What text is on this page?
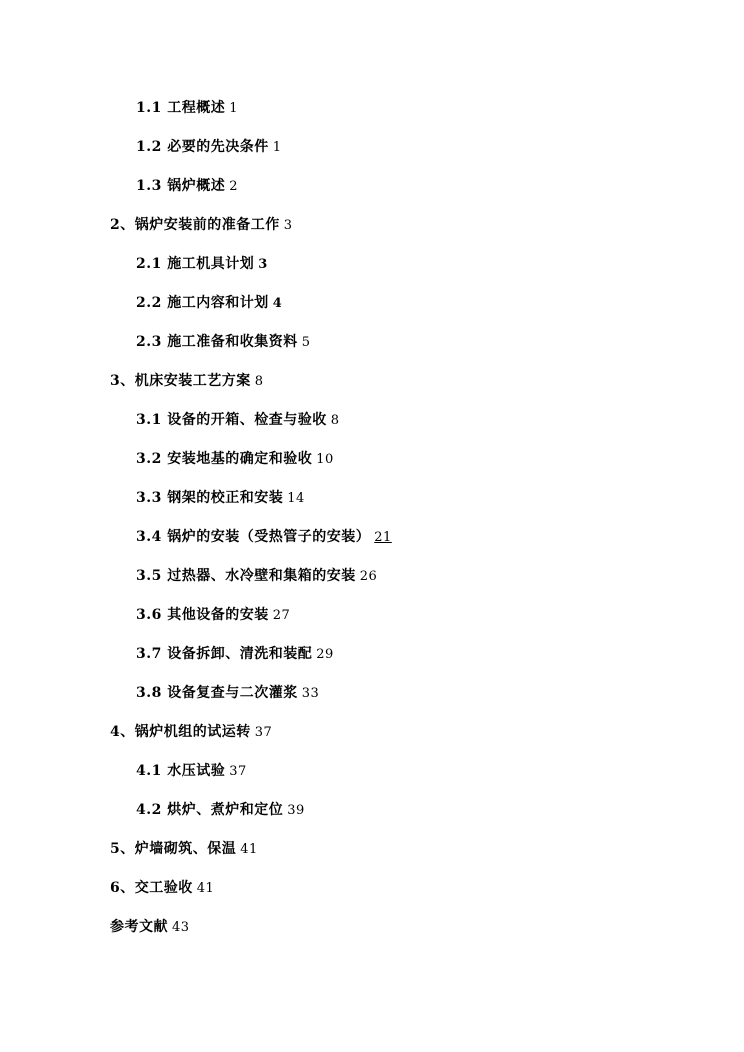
1.1 工程概述 1
1.2 必要的先决条件 1
1.3 锅炉概述 2
2、锅炉安装前的准备工作 3
2.1 施工机具计划 3
2.2 施工内容和计划 4
2.3 施工准备和收集资料 5
3、机床安装工艺方案 8
3.1 设备的开箱、检查与验收 8
3.2 安装地基的确定和验收 10
3.3 钢架的校正和安装 14
3.4 锅炉的安装（受热管子的安装） 21
3.5 过热器、水冷壁和集箱的安装 26
3.6 其他设备的安装 27
3.7 设备拆卸、清洗和装配 29
3.8 设备复查与二次灌浆 33
4、锅炉机组的试运转 37
4.1 水压试验 37
4.2 烘炉、煮炉和定位 39
5、炉墙砌筑、保温 41
6、交工验收 41
参考文献 43
